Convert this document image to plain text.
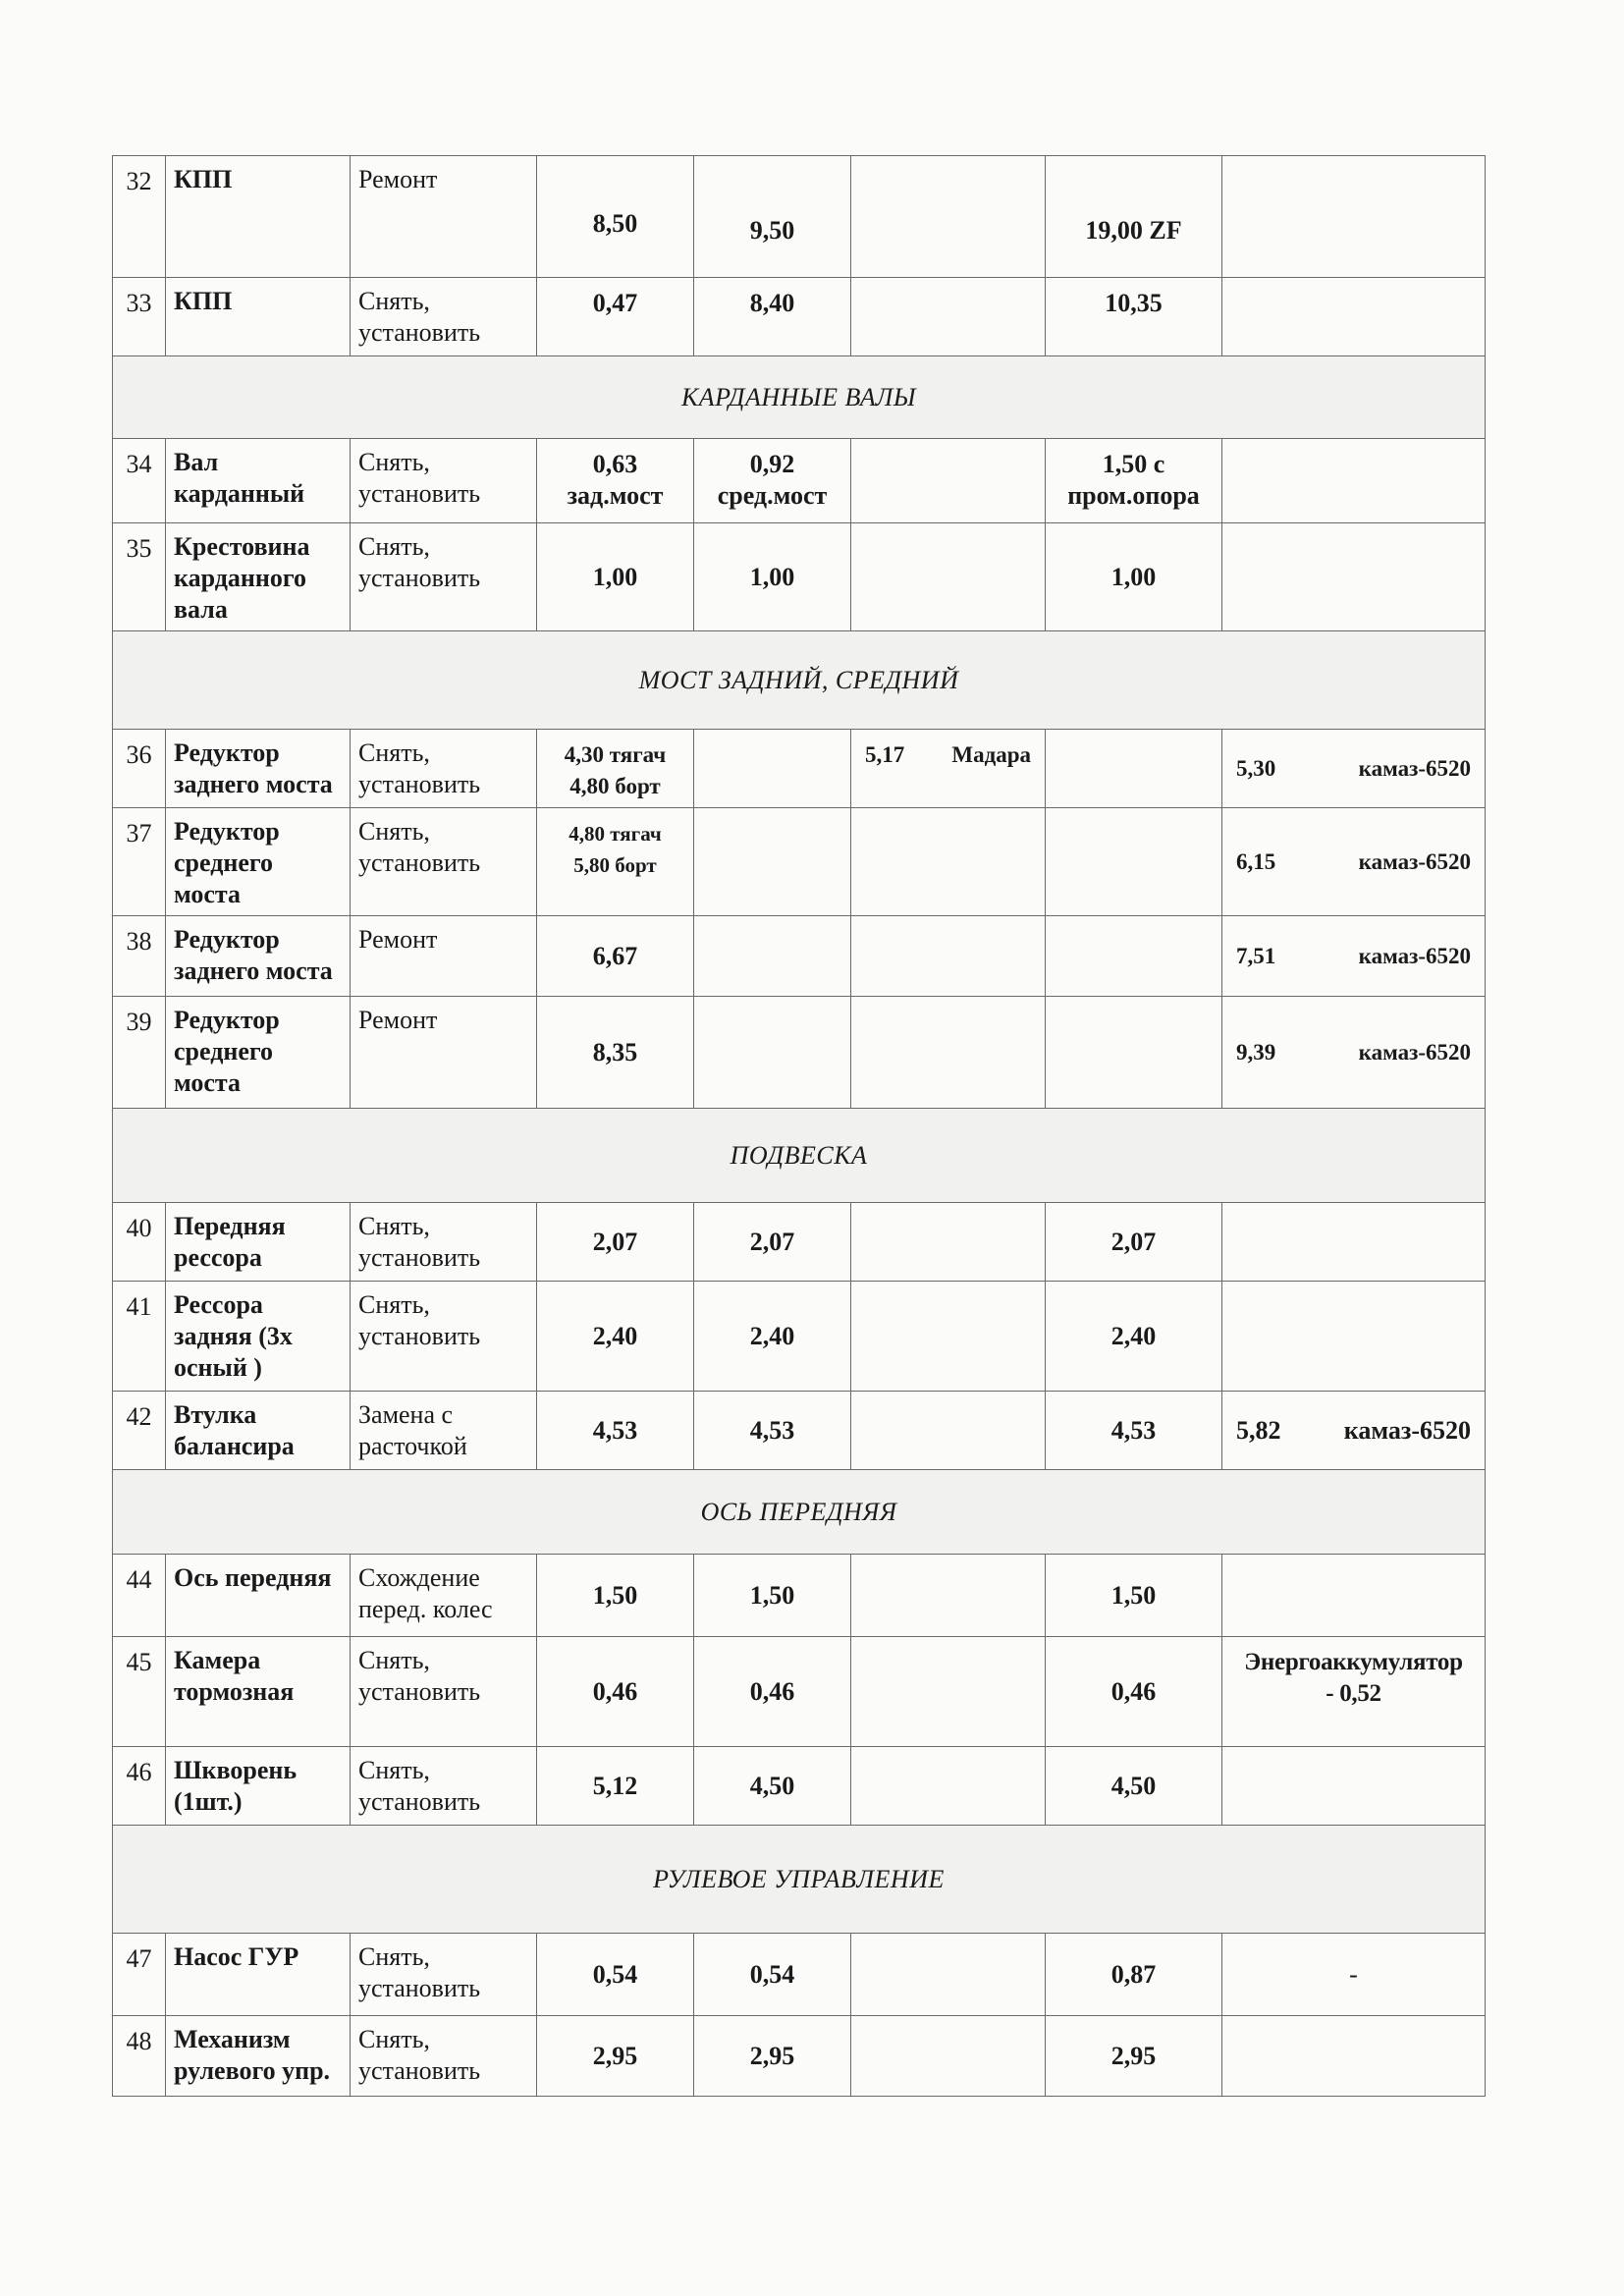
32	КПП	Ремонт	8,50	9,50		19,00 ZF	
33	КПП	Снять,
установить	0,47	8,40		10,35	
КАРДАННЫЕ ВАЛЫ							
34	Вал
карданный	Снять,
установить	0,63
зад.мост	0,92
сред.мост		1,50 с
пром.опора	

35	Крестовина
карданного
вала	Снять,
установить	1,00	1,00		1,00	
МОСТ ЗАДНИЙ, СРЕДНИЙ							
36	Редуктор
заднего моста	Снять,
установить	4,30 тягач
4,80 борт		5,17 Мадара		5,30 камаз-6520

37	Редуктор
среднего
моста	Снять,
установить	4,80 тягач
5,80 борт				6,15 камаз-6520

38	Редуктор
заднего моста	Ремонт	6,67				7,51 камаз-6520

39	Редуктор
среднего
моста	Ремонт	8,35				9,39 камаз-6520

ПОДВЕСКА							
40	Передняя
рессора	Снять,
установить	2,07	2,07		2,07	
41	Рессора
задняя (3х
осный )	Снять,
установить	2,40	2,40		2,40	
42	Втулка
балансира	Замена с
расточкой	4,53	4,53		4,53	5,82 камаз-6520

ОСЬ ПЕРЕДНЯЯ							
44	Ось передняя	Схождение
перед. колес	1,50	1,50		1,50	
45	Камера
тормозная	Снять,
установить	0,46	0,46		0,46	Энергоаккумулятор
- 0,52

46	Шкворень
(1шт.)	Снять,
установить	5,12	4,50		4,50	
РУЛЕВОЕ УПРАВЛЕНИЕ							
47	Насос ГУР	Снять,
установить	0,54	0,54		0,87	-
48	Механизм
рулевого упр.	Снять,
установить	2,95	2,95		2,95	
